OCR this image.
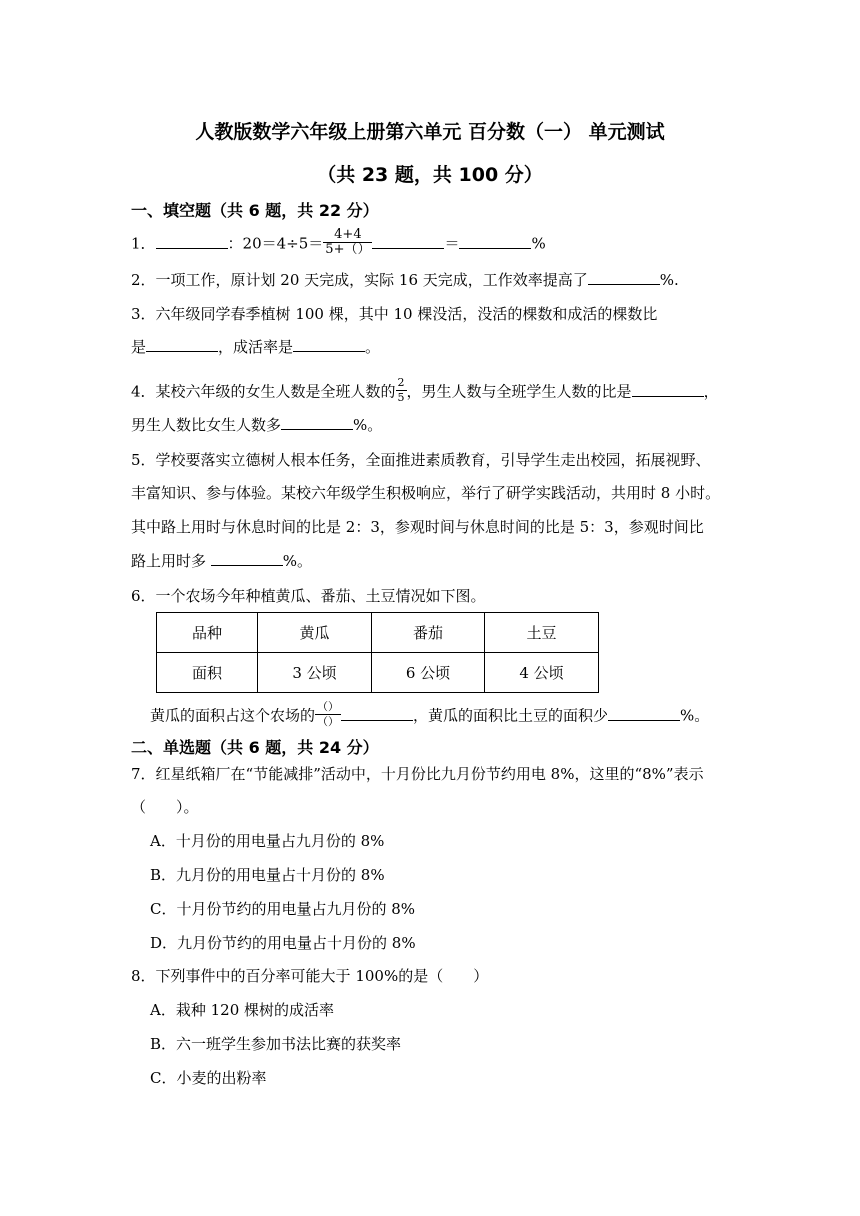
人教版数学六年级上册第六单元 百分数（一） 单元测试
（共 23 题，共 100 分）
一、填空题（共 6 题，共 22 分）
1．	：$20=4\div 5= \frac{4+4}{5+()}$	＝	%
2．一项工作，原计划 20 天完成，实际 16 天完成，工作效率提高了	%.
3．六年级同学春季植树 100 棵，其中 10 棵没活，没活的棵数和成活的棵数比
是	，成活率是	。
4．某校六年级的女生人数是全班人数的 $\frac{2}{5}$ ，男生人数与全班学生人数的比是	，
男生人数比女生人数多	%。
5．学校要落实立德树人根本任务，全面推进素质教育，引导学生走出校园，拓展视野、
丰富知识、参与体验。某校六年级学生积极响应，举行了研学实践活动，共用时 8 小时。
其中路上用时与休息时间的比是 2：3，参观时间与休息时间的比是 5：3，参观时间比
路上用时多	%。
6．一个农场今年种植黄瓜、番茄、土豆情况如下图。
品种	黄瓜	番茄	土豆
面积	3 公顷	6 公顷	4 公顷
黄瓜的面积占这个农场的 $\frac{()}{()}$	，黄瓜的面积比土豆的面积少	%。
二、单选题（共 6 题，共 24 分）
7．红星纸箱厂在“节能减排”活动中，十月份比九月份节约用电 8%，这里的“8%”表示
（　　）。
A．十月份的用电量占九月份的 8%
B．九月份的用电量占十月份的 8%
C．十月份节约的用电量占九月份的 8%
D．九月份节约的用电量占十月份的 8%
8．下列事件中的百分率可能大于 100%的是（　　）
A．栽种 120 棵树的成活率
B．六一班学生参加书法比赛的获奖率
C．小麦的出粉率
